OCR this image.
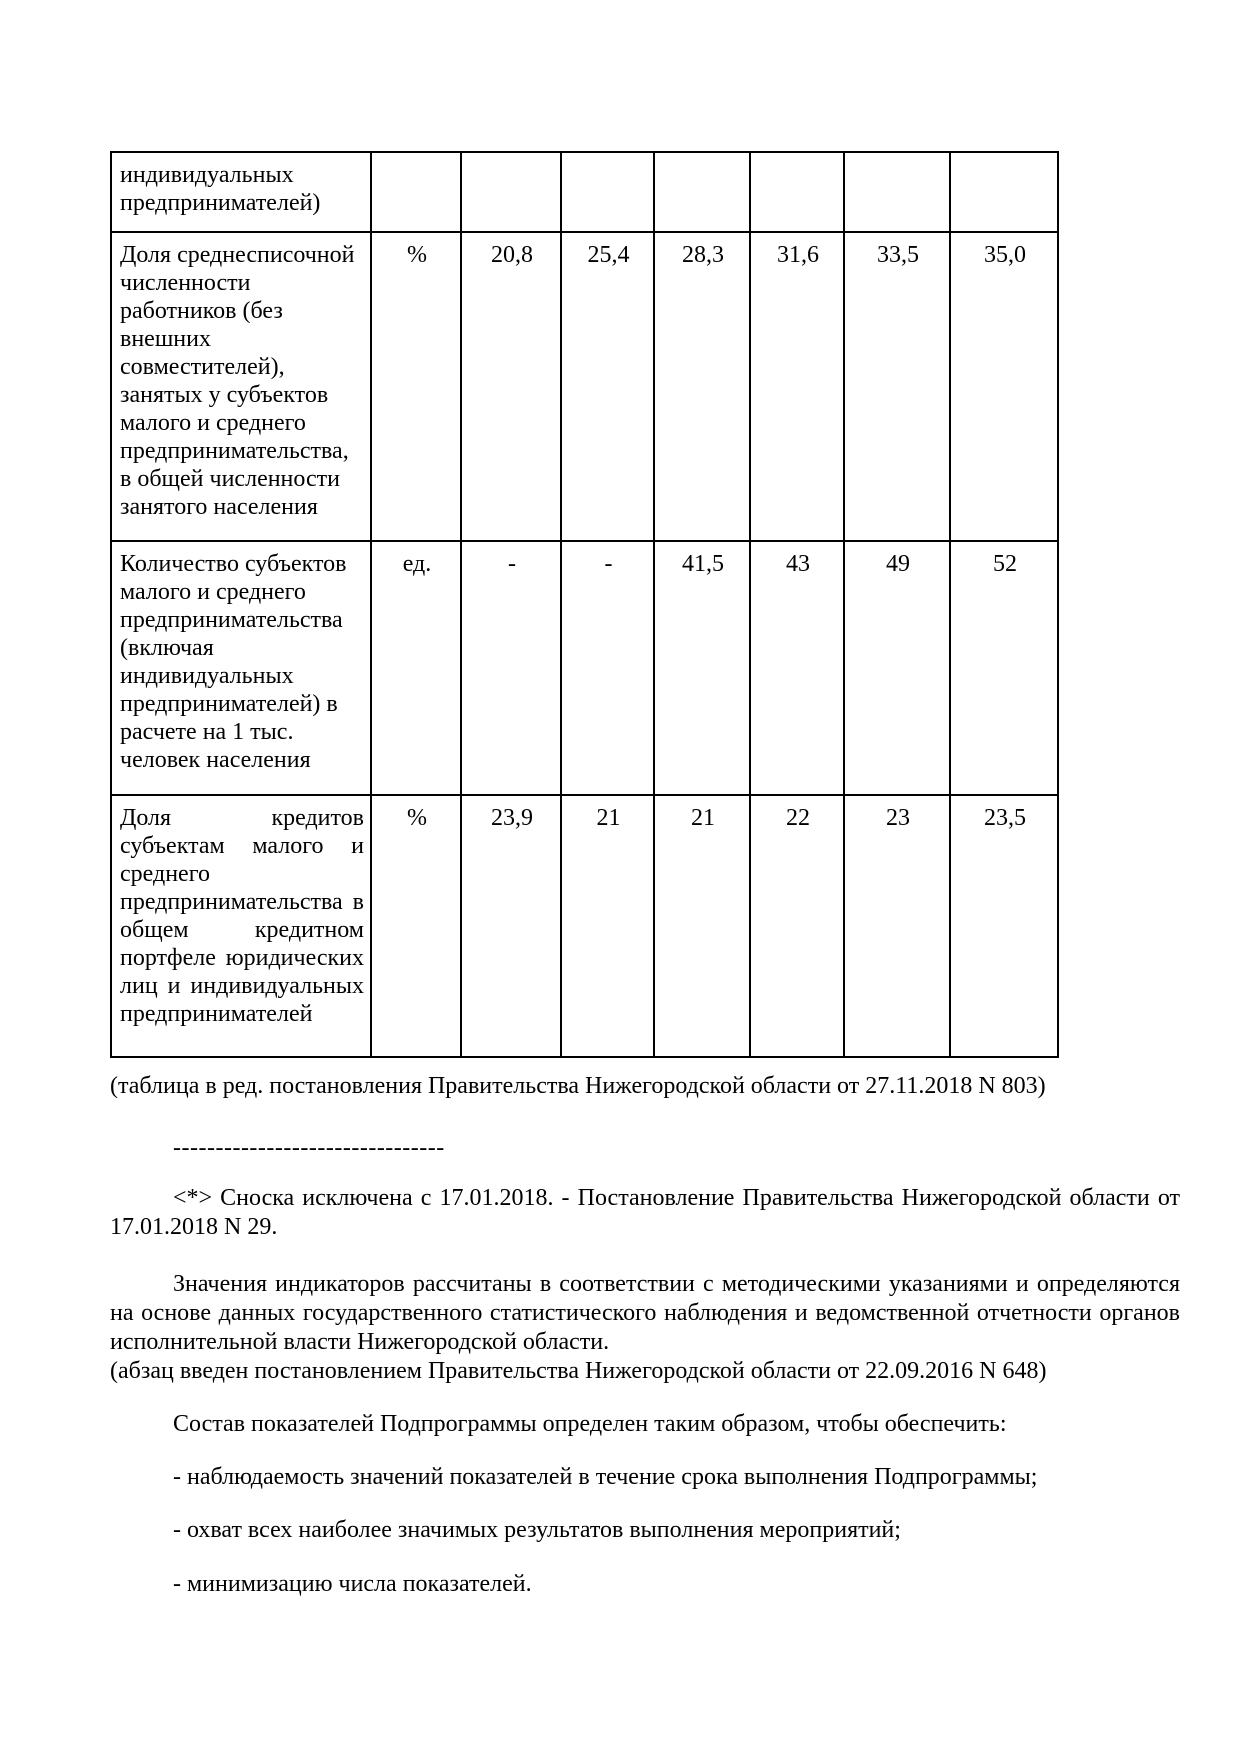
индивидуальных предпринимателей)							
Доля среднесписочной численности работников (без внешних совместителей), занятых у субъектов малого и среднего предпринимательства, в общей численности занятого населения	%	20,8	25,4	28,3	31,6	33,5	35,0
Количество субъектов малого и среднего предпринимательства (включая индивидуальных предпринимателей) в расчете на 1 тыс. человек населения	ед.	-	-	41,5	43	49	52
Доля кредитов субъектам малого и среднего предпринимательства в общем кредитном портфеле юридических лиц и индивидуальных предпринимателей	%	23,9	21	21	22	23	23,5

(таблица в ред. постановления Правительства Нижегородской области от 27.11.2018 N 803)

--------------------------------

<*> Сноска исключена с 17.01.2018. - Постановление Правительства Нижегородской области от 17.01.2018 N 29.

Значения индикаторов рассчитаны в соответствии с методическими указаниями и определяются на основе данных государственного статистического наблюдения и ведомственной отчетности органов исполнительной власти Нижегородской области.

(абзац введен постановлением Правительства Нижегородской области от 22.09.2016 N 648)

Состав показателей Подпрограммы определен таким образом, чтобы обеспечить:

- наблюдаемость значений показателей в течение срока выполнения Подпрограммы;

- охват всех наиболее значимых результатов выполнения мероприятий;

- минимизацию числа показателей.
